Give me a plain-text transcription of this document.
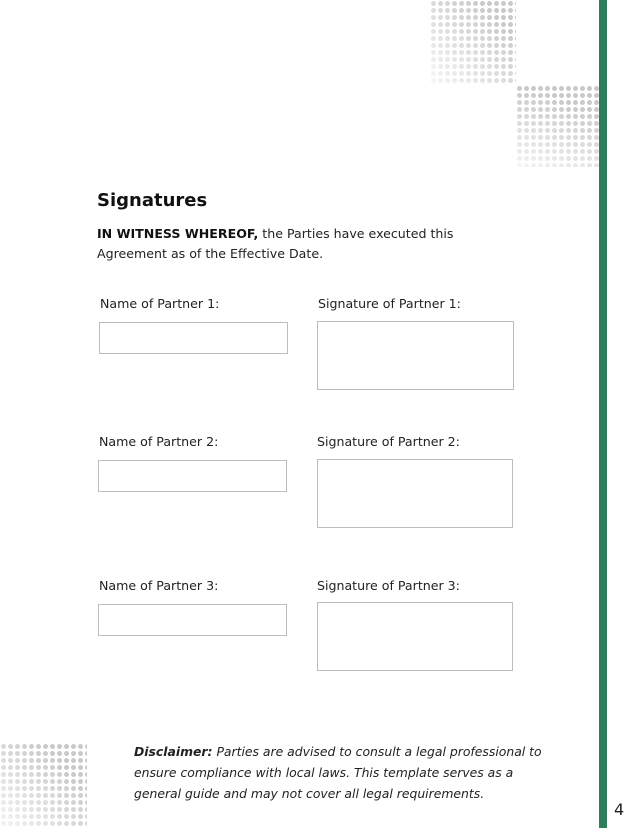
Signatures

IN WITNESS WHEREOF, the Parties have executed this Agreement as of the Effective Date.

Name of Partner 1:	Signature of Partner 1:
Name of Partner 2:	Signature of Partner 2:
Name of Partner 3:	Signature of Partner 3:

Disclaimer: Parties are advised to consult a legal professional to ensure compliance with local laws. This template serves as a general guide and may not cover all legal requirements.

4
